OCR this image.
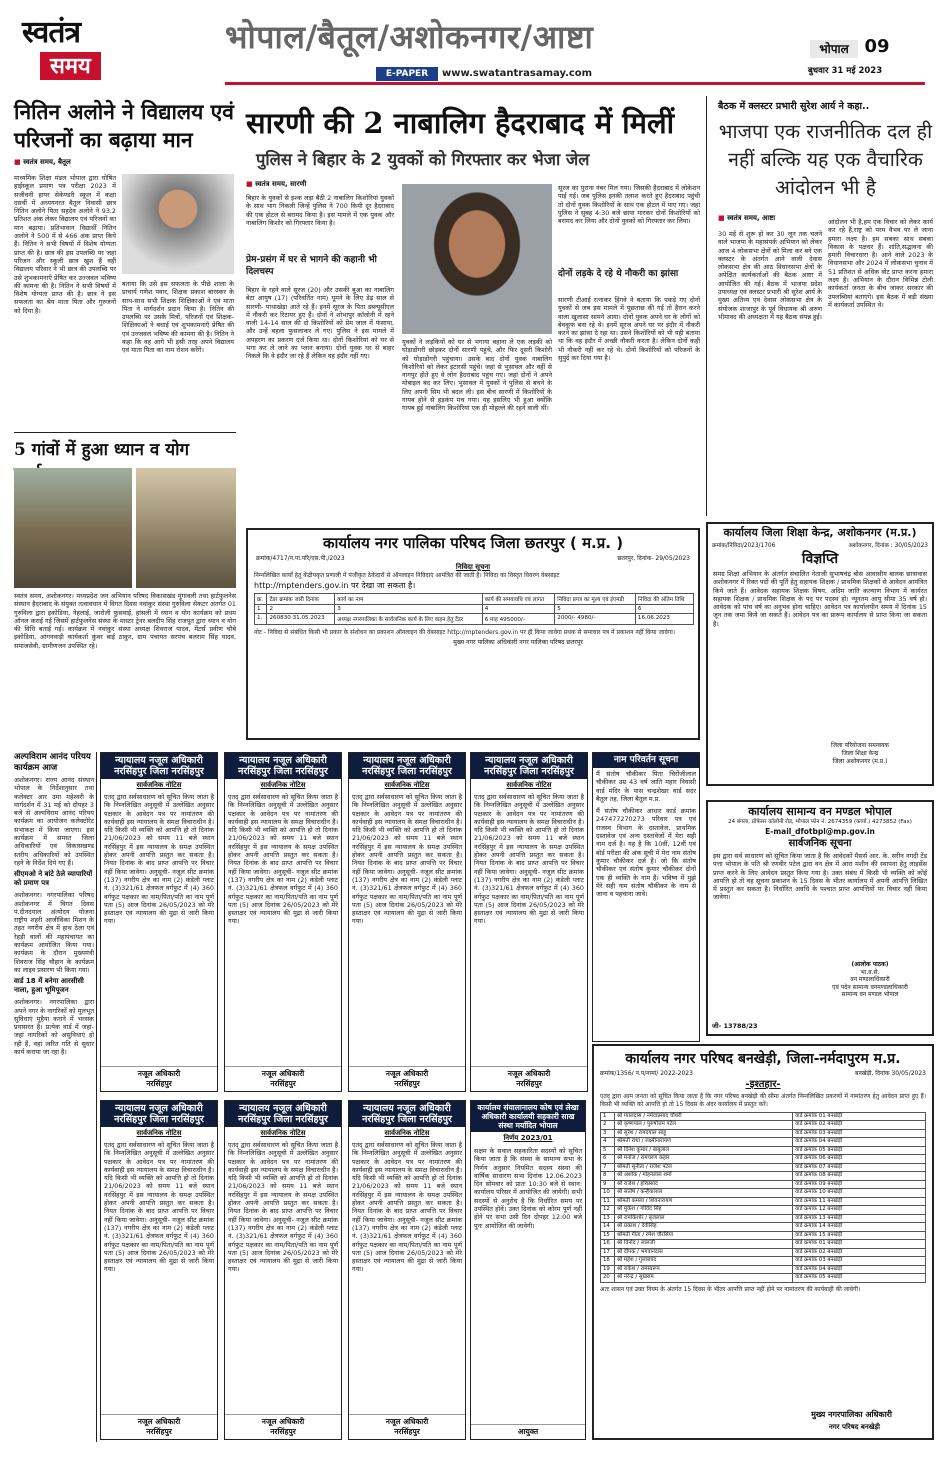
स्वतंत्र
समय
भोपाल/बैतूल/अशोकनगर/आष्टा
E-PAPER	www.swatantrasamay.com
भोपाल 09
बुधवार 31 मई 2023
नितिन अलोने ने विद्यालय एवं परिजनों का बढ़ाया मान
■ स्वतंत्र समय, बैतूल
माध्यमिक शिक्षा मंडल भोपाल द्वारा घोषित हाईस्कूल प्रमाण पत्र परीक्षा 2023 में सजीवनी हायर सेकेण्डरी स्कूल में कक्षा दसवीं में अध्ययनरत बैतूल निवासी छात्र नितिन अलोने पिता सहदेव अलोने ने 93.2 प्रतिशत अंक लेकर विद्यालय एवं परिजनों का मान बढ़ाया। प्रतिभावान विद्यार्थी नितिन अलोने ने 500 में से 466 अंक प्राप्त किये हैं। नितिन ने सभी विषयों में विशेष योग्यता प्राप्त की है। छात्र की इस उपलब्धि पर जहां परिजन और स्कूली छात्र खुश हैं वहीं विद्यालय परिवार ने भी छात्र की उपलब्धि पर उसे शुभकामनाएँ प्रेषित कर उज्जवल भविष्य की कामना की है। नितिन ने सभी विषयों में विशेष योग्यता प्राप्त की है। छात्र ने इस सफलता का श्रेय माता पिता और गुरुजनों को दिया है।
बताया कि उसे इस सफलता के पीछे शाला के प्राचार्य गणेश पवार, शिक्षक प्रकाश बारस्कर के साथ-साथ सभी शिक्षक शिक्षिकाओं ने एवं माता पिता ने मार्गदर्शन प्रदान किया है। नितिन की उपलब्धि पर उसके मित्रों, परिजनों एवं शिक्षक-शिक्षिकाओं ने बधाई एवं शुभकामनाएँ प्रेषित की एवं उज्जवल भविष्य की कामना की है। नितिन ने कहा कि वह आगे भी इसी तरह अपने विद्यालय एवं माता पिता का नाम रोशन करेंगे।
5 गांवों में हुआ ध्यान व योग
स्वतंत्र समय, अशोकनगर। मध्यप्रदेश जन अभियान परिषद विकासखंड मुंगावली तथा हार्टफुलनेस संस्थान हैदराबाद के संयुक्त तत्वावधान में विगत दिवस नवांकुर संस्था गुरुविला सेकटर अंतर्गत 01 गुरुविला द्वारा इकोडिया, नेहलाई, जारोली फुसवाई, हांसली में ध्यान व योग कार्यक्रम को प्रथम ऑनल कराई गई जिसमें हार्टफुलनेस संस्था के मास्टर ट्रेनर बलदीप सिंह राजपूत द्वारा ध्यान व योग की विधि बताई गई। कार्यक्रम में नवांकुर संस्था अध्यक्ष शिवराज यादव, मेंटर्स प्रवीण चौबे इकोडिया, आंगनवाड़ी कार्यकर्ता कुंवर बाई ठाकुर, ग्राम पंचायत सरपंच बलराम सिंह यादव, समाजसेवी, ग्रामीणजन उपस्थित रहे।
सारणी की 2 नाबालिग हैदराबाद में मिलीं
पुलिस ने बिहार के 2 युवकों को गिरफ्तार कर भेजा जेल
■ स्वतंत्र समय, सारणी
बिहार के युवकों से इश्क लड़ा बैठी 2 नाबालिग किशोरियां युवकों के साथ भाग निकली जिन्हें पुलिस ने 700 किमी दूर हैदराबाद की एक होटल से बरामद किया है। इस मामले में एक युवक और नाबालिग किशोर को गिरफ्तार किया है।
प्रेम-प्रसंग में घर से भागने की कहानी भी दिलचस्प
बिहार के रहने वाले सूरज (20) और उसकी बुआ का नाबालिग बेटा आयुष (17) (परिवर्तित नाम) घूमने के लिए डेढ़ साल से सारणी- पाथाखेड़ा आते रहे हैं। इनमें सूरज के पिता डब्ल्यूसीएल में नौकरी कर रिटायर हुए हैं। दोनों ने शोभापुर कॉलोनी में रहने वाली 14-14 साल की दो किशोरियों को प्रेम जाल में फंसाया, और उन्हें बहला फुसलाकर ले गए। पुलिस ने इस मामले में अपहरण का प्रकरण दर्ज किया था। दोनों किशोरियां को घर से भगा कर ले जाने का प्लान बनाया। दोनों युवक घर से बाहर निकले कि वे इंदौर जा रहे हैं लेकिन वह इंदौर नहीं गए।
युवकों ने लड़कियों को घर से भगाया बहाना ले एक लड़की को घोड़ाडोंगरी छोड़कर दोनों सारणी पहुंचे, और फिर दूसरी किशोरी को घोड़ाडोंगरी पहुंचाया। उसके बाद दोनों युवक नाबालिग किशोरियों को लेकर इटारसी पहुंचे। जहां से भुसावल और वहीं से नागपुर होते हुए वे लोग हैदराबाद पहुंच गए। जहां दोनों ने अपने मोबाइल बंद कर लिए। भुसावल में युवकों ने पुलिस से बचने के लिए अपनी सिम भी बदल ली। इस बीच सारणी में किशोरियों के गायब होने से हड़कंप मच गया। यह इसलिए भी हुआ क्योंकि गायब हुई नाबालिग किशोरियां एक ही मोहल्ले की रहने वाली थीं।
सूरज का पुराना नंबर मिल गया। जिसकी हैदराबाद में लोकेशन पाई गई। जब पुलिस इनकी तलाश करते हुए हैदराबाद पहुंची तो दोनों युवक किशोरियों के साथ एक होटल में पाए गए। जहां पुलिस ने सुबह 4:30 बजे छापा मारकर दोनों किशोरियों को बरामद कर लिया और दोनों युवकों को गिरफ्तार कर लिया।
दोनों लड़के दे रहे थे नौकरी का झांसा
सारणी टीआई रत्नाकर हिंगवे ने बताया कि पकड़े गए दोनों युवकों से जब इस मामले में पूछताछ की गई तो हैरान करने वाला खुलासा सामने आया। दोनों युवक अपने घर के लोगों को बेवकूफ बना रहे थे। इनमें सूरज अपने घर पर इंदौर में नौकरी करने का झांसा दे रहा था। उसने किशोरियों को भी यही बताया था कि वह इंदौर में अच्छी नौकरी करता है। लेकिन दोनों कहीं भी नौकरी नहीं कर रहे थे। दोनों किशोरियों को परिजनों के सुपुर्द कर दिया गया है।
बैठक में क्लस्टर प्रभारी सुरेश आर्य ने कहा..
भाजपा एक राजनीतिक दल ही नहीं बल्कि यह एक वैचारिक आंदोलन भी है
■ स्वतंत्र समय, आष्टा
30 मई से शुरू हो कर 30 जून तक चलने वाले भाजपा के महासंपर्क अभियान को लेकर आज 4 लोकसभा क्षेत्रों को मिला कर बने एक क्लस्टर के अंतर्गत आने वाली देवास लोकसभा क्षेत्र की आठ विधानसभा क्षेत्रों के अपेक्षित कार्यकर्ताओं की बैठक आष्टा में आयोजित की गई। बैठक में भाजपा प्रदेश उपाध्यक्ष एवं क्लस्टर प्रभारी श्री सुरेश आर्य के मुख्य अतिथ्य एवं देवास लोकसभा क्षेत्र के संयोजक शाजापुर के पूर्व विधायक श्री अरुण भीमावद की अध्यक्षता में यह बैठक संपन्न हुई।
आंदोलन भी है,हम एक विचार को लेकर कार्य कर रहे हैं,राष्ट्र को परम वैभव पर ले जाना हमारा लक्ष्य है। हम सबका साथ सबका विकास के पक्षधर हैं। शांति,सद्भावना की हमारी विचारधारा है। आने वाले 2023 के विधानसभा और 2024 में लोकसभा चुनाव में 51 प्रतिशत से अधिक वोट प्राप्त करना हमारा लक्ष्य है। अभियान के दौरान विभिन्न टोली कार्यकर्ता जनता के बीच जाकर सरकार की उपलब्धियां बताएंगे। इस बैठक में बड़ी संख्या में कार्यकर्ता उपस्थित थे।
कार्यालय नगर पालिका परिषद जिला छतरपुर ( म.प्र. )
क्रमांक/4717/न.पा.परि/एस.पी./2023	छतरपुर, दिनांक- 29/05/2023
निविदा सूचना
निम्नलिखित कार्यों हेतु केंद्रीयकृत प्रणाली में पंजीकृत ठेकेदारों से ऑनलाइन निविदाएं आमंत्रित की जाती है। निविदा का विस्तृत विवरण वेबसाइट
http://mptenders.gov.in पर देखा जा सकता है।
क्र.	टेंडर क्रमांक जारी दिनांक	कार्य का नाम	कार्य की समयावधि एवं लागत	निविदा प्रपत्र का मूल्य एवं इंएमडी	निविदा की अंतिम तिथि
1	2	3	4	5	6
1.	260830 31.05.2023	अध्यक्ष नगरपालिका के सार्वजनिक कार्य के लिए वाहन हेतु टेंडर	6 माह 495000/-	2000/- 4980/-	16.06.2023
नोट - निविदा से संबंधित किसी भी प्रकार के संशोधन का प्रकाशन ऑनलाइन की वेबसाइट http://mptenders.gov.in पर ही किया जावेगा प्रथक से समाचार पत्र में प्रकाशन नहीं किया जावेगा।
मुख्य नगर पालिका अधिकारी नगर पालिका परिषद छतरपुर
कार्यालय जिला शिक्षा केन्द्र, अशोकनगर (म.प्र.)
क्रमांक/निविदा/2023/1706	अशोकनगर, दिनांक : 30/05/2023
विज्ञप्ति
समग्र शिक्षा अभियान के अंतर्गत संचालित नेताजी सुभाषचंद्र बोस आवासीय बालक छात्रावास अशोकनगर में रिक्त पदों की पूर्ति हेतु सहायक शिक्षक / प्राथमिक शिक्षकों से आवेदन आमंत्रित किये जाते हैं। आवेदक सहायक शिक्षक विषय, अदिम जाति कल्याण विभाग में कार्यरत सहायक शिक्षक / प्राथमिक शिक्षक के पद पर पदस्थ हो। न्यूनतम आयु सीमा 35 वर्ष हो। आवेदक को पांच वर्ष का अनुभव होना चाहिए। आवेदन पत्र कार्यालयीन समय में दिनांक 15 जून तक जमा किये जा सकते हैं। आवेदन पत्र का प्रारूप कार्यालय से प्राप्त किया जा सकता है।
जिला परियोजना समन्वयक
जिला शिक्षा केन्द्र
जिला अशोकनगर (म.प्र.)
कार्यालय सामान्य वन मण्डल भोपाल
24 बंगला, प्रोफेसर कॉलोनी रोड, भोपाल फोन नं. 2674359 (कार्या.) 4273852 (Fax)
E-mail_dfotbpl@mp.gov.in
सार्वजनिक सूचना
इस द्वारा सर्व साधारण को सूचित किया जाता है कि आवेदकों मैसर्स आर. के. सरीन नगदी टेंड पत्ता भोपाल के पति श्री रणवीर पटेल द्वारा वन क्षेत्र में आरा मशीन की स्थापना हेतु लाइसेंस प्राप्त करने के लिए आवेदन प्रस्तुत किया गया है। उक्त संबंध में किसी भी व्यक्ति को कोई आपत्ति हो तो वह सूचना प्रकाशन के 15 दिवस के भीतर कार्यालय में अपनी आपत्ति लिखित में प्रस्तुत कर सकता है। निर्धारित अवधि के पश्चात प्राप्त आपत्तियों पर विचार नहीं किया जावेगा।
(आलोक पाठक)
भा.व.से.
वन मण्डलाधिकारी
एवं पदेन सामान्य वनमण्डलाधिकारी
सामान्य वन मण्डल भोपाल
जी- 13788/23
नाम परिवर्तन सूचना
मैं संतोष चौकीकर पिता चिरोंजीलाल चौकीकर उम्र 43 वर्ष जाति महार निवासी वार्ड मंदिर के पास चन्द्रशेखर वार्ड सदर बैतूल तह. जिला बैतूल म.प्र.
मैं संतोष चौकीकर आधार कार्ड क्रमांक 247477270273 परिवार पत्र एवं राजस्व विभाग के दस्तावेज, प्राथमिक दस्तावेज एवं अन्य दस्तावेजों में मेरा सही नाम दर्ज है। यह है कि 10वीं, 12वीं एवं बोर्ड परीक्षा की अंक सूची में मेरा नाम संतोष कुमार चौकीकर दर्ज है। जो कि संतोष चौकीकर एवं संतोष कुमार चौकीकर दोनों एक ही व्यक्ति के नाम हैं। भविष्य में मुझे मेरे सही नाम संतोष चौकीकर के नाम से जाना व पहचाना जावे।
कार्यालय नगर परिषद बनखेड़ी, जिला-नर्मदापुरम म.प्र.
क्रमांक/1356/ न.प/नामां/ 2022-2023	बनखेड़ी, दिनांक 30/05/2023
-इश्तहार-
एतद् द्वारा आम जनता को सूचित किया जाता है कि नगर परिषद बनखेड़ी की सीमा अंतर्गत निम्नलिखित प्रकरणों में नामांतरण हेतु आवेदन प्राप्त हुए हैं। किसी भी व्यक्ति को आपत्ति हो तो 15 दिवस के अंदर कार्यालय में प्रस्तुत करें।
1	श्री ग्यालदास / नर्मदाप्रसाद चौधरी	वार्ड क्रमांक 01 बनखेड़ी
2	श्री कृष्णपाल / पुरुषोत्तम पटेल	वार्ड क्रमांक 02 बनखेड़ी
3	श्री सुरेश / रामदयाल साहू	वार्ड क्रमांक 03 बनखेड़ी
4	श्रीमती राधा / लक्ष्मीनारायण	वार्ड क्रमांक 04 बनखेड़ी
5	श्री दिनेश कुमार / बाबूलाल	वार्ड क्रमांक 05 बनखेड़ी
6	श्री मनोज / रामचरण कहार	वार्ड क्रमांक 06 बनखेड़ी
7	श्रीमती सुनीता / राजेश पटेल	वार्ड क्रमांक 07 बनखेड़ी
8	श्री अशोक / मोहनलाल शर्मा	वार्ड क्रमांक 08 बनखेड़ी
9	श्री राजेश / हरिप्रसाद	वार्ड क्रमांक 09 बनखेड़ी
10	श्री संतोष / कन्हैयालाल	वार्ड क्रमांक 10 बनखेड़ी
11	श्रीमती कमला / शिवनारायण	वार्ड क्रमांक 11 बनखेड़ी
12	श्री मुकेश / गोविंद सिंह	वार्ड क्रमांक 12 बनखेड़ी
13	श्री रामकिशोर / बृजलाल	वार्ड क्रमांक 13 बनखेड़ी
14	श्री प्रकाश / देवीसिंह	वार्ड क्रमांक 14 बनखेड़ी
15	श्रीमती गीता / रमेश चौरसिया	वार्ड क्रमांक 15 बनखेड़ी
16	श्री विनोद / लालजी	वार्ड क्रमांक 01 बनखेड़ी
17	श्री दीपक / भगवानदास	वार्ड क्रमांक 02 बनखेड़ी
18	श्री महेश / गुलाबचंद	वार्ड क्रमांक 03 बनखेड़ी
19	श्री राकेश / रामस्वरूप	वार्ड क्रमांक 04 बनखेड़ी
20	श्री नरेन्द्र / सुखराम	वार्ड क्रमांक 05 बनखेड़ी
अतः शासन एवं उक्त नियम के अंतर्गत 15 दिवस के भीतर आपत्ति प्राप्त नहीं होने पर नामांतरण की कार्यवाही की जावेगी।
मुख्य नगरपालिका अधिकारी
नगर परिषद बनखेड़ी
अल्पविराम आनंद परियय कार्यक्रम आज
अशोकनगर। राज्य आनंद संस्थान भोपाल के निर्देशानुसार तथा कलेक्टर आर उमा महेश्वरी के मार्गदर्शन में 31 मई को दोपहर 3 बजे से अल्पविराम आनंद परियय कार्यक्रम का आयोजन कलेक्टोरेट सभाकक्ष में किया जाएगा। इस कार्यक्रम में समस्त जिला अधिकारियों एवं विकासखण्ड स्तरीय अधिकारियों को उपस्थित रहने के निर्देश दिये गए हैं।
सीएमओ ने बांटे ठेले व्यापारियों को प्रमाण पत्र
अशोकनगर। नगरपालिका परिषद अशोकनगर में विगत दिवस पं.दीनदयाल अंत्योदय योजना राष्ट्रीय शहरी आजीविका मिशन के तहत नगरीय क्षेत्र में हाथ ठेला एवं रेहड़ी वालों की महापंचायत का कार्यक्रम आयोजित किया गया। कार्यक्रम के दौरान मुख्यमंत्री शिवराज सिंह चौहान के कार्यक्रम का लाइव प्रसारण भी किया गया।
वार्ड 18 में बनेगा आरसीसी नाला, हुआ भूमिपूजन
अशोकनगर। नगरपालिका द्वारा अपने नगर के नागरिकों को मूलभूत सुविधाएं मुहैया कराने में भरसक प्रयासरत है। प्रत्येक वार्ड में जहां-जहां नागरिकों को असुविधाएं हो रही हैं, वहां त्वरित गति से सुधार कार्य कराया जा रहा है।
न्यायालय नजूल अधिकारी नरसिंहपुर जिला नरसिंहपुर
सार्वजनिक नोटिस
एतद् द्वारा सर्वसाधारण को सूचित किया जाता है कि निम्नलिखित अनुसूची में उल्लेखित अनुसार पक्षकार के आवेदन पत्र पर नामांतरण की कार्यवाही इस न्यायालय के समक्ष विचाराधीन है। यदि किसी भी व्यक्ति को आपत्ति हो तो दिनांक 21/06/2023 को समय 11 बजे स्थान नरसिंहपुर में इस न्यायालय के समक्ष उपस्थित होकर अपनी आपत्ति प्रस्तुत कर सकता है। नियत दिनांक के बाद प्राप्त आपत्ति पर विचार नहीं किया जावेगा। अनुसूची- नजूल सीट क्रमांक (137) नगरीय क्षेत्र का नाम (2) कंडेली प्लाट नं. (3)321/61 क्षेत्रफल वर्गफुट में (4) 360 वर्गफुट पक्षकार का नाम/पिता/पति का नाम पूर्ण पता (5) आज दिनांक 26/05/2023 को मेरे हस्ताक्षर एवं न्यायालय की मुद्रा से जारी किया गया।
नजूल अधिकारी
नरसिंहपुर
न्यायालय नजूल अधिकारी नरसिंहपुर जिला नरसिंहपुर
सार्वजनिक नोटिस
एतद् द्वारा सर्वसाधारण को सूचित किया जाता है कि निम्नलिखित अनुसूची में उल्लेखित अनुसार पक्षकार के आवेदन पत्र पर नामांतरण की कार्यवाही इस न्यायालय के समक्ष विचाराधीन है। यदि किसी भी व्यक्ति को आपत्ति हो तो दिनांक 21/06/2023 को समय 11 बजे स्थान नरसिंहपुर में इस न्यायालय के समक्ष उपस्थित होकर अपनी आपत्ति प्रस्तुत कर सकता है। नियत दिनांक के बाद प्राप्त आपत्ति पर विचार नहीं किया जावेगा। अनुसूची- नजूल सीट क्रमांक (137) नगरीय क्षेत्र का नाम (2) कंडेली प्लाट नं. (3)321/61 क्षेत्रफल वर्गफुट में (4) 360 वर्गफुट पक्षकार का नाम/पिता/पति का नाम पूर्ण पता (5) आज दिनांक 26/05/2023 को मेरे हस्ताक्षर एवं न्यायालय की मुद्रा से जारी किया गया।
नजूल अधिकारी
नरसिंहपुर
न्यायालय नजूल अधिकारी नरसिंहपुर जिला नरसिंहपुर
सार्वजनिक नोटिस
एतद् द्वारा सर्वसाधारण को सूचित किया जाता है कि निम्नलिखित अनुसूची में उल्लेखित अनुसार पक्षकार के आवेदन पत्र पर नामांतरण की कार्यवाही इस न्यायालय के समक्ष विचाराधीन है। यदि किसी भी व्यक्ति को आपत्ति हो तो दिनांक 21/06/2023 को समय 11 बजे स्थान नरसिंहपुर में इस न्यायालय के समक्ष उपस्थित होकर अपनी आपत्ति प्रस्तुत कर सकता है। नियत दिनांक के बाद प्राप्त आपत्ति पर विचार नहीं किया जावेगा। अनुसूची- नजूल सीट क्रमांक (137) नगरीय क्षेत्र का नाम (2) कंडेली प्लाट नं. (3)321/61 क्षेत्रफल वर्गफुट में (4) 360 वर्गफुट पक्षकार का नाम/पिता/पति का नाम पूर्ण पता (5) आज दिनांक 26/05/2023 को मेरे हस्ताक्षर एवं न्यायालय की मुद्रा से जारी किया गया।
नजूल अधिकारी
नरसिंहपुर
न्यायालय नजूल अधिकारी नरसिंहपुर जिला नरसिंहपुर
सार्वजनिक नोटिस
एतद् द्वारा सर्वसाधारण को सूचित किया जाता है कि निम्नलिखित अनुसूची में उल्लेखित अनुसार पक्षकार के आवेदन पत्र पर नामांतरण की कार्यवाही इस न्यायालय के समक्ष विचाराधीन है। यदि किसी भी व्यक्ति को आपत्ति हो तो दिनांक 21/06/2023 को समय 11 बजे स्थान नरसिंहपुर में इस न्यायालय के समक्ष उपस्थित होकर अपनी आपत्ति प्रस्तुत कर सकता है। नियत दिनांक के बाद प्राप्त आपत्ति पर विचार नहीं किया जावेगा। अनुसूची- नजूल सीट क्रमांक (137) नगरीय क्षेत्र का नाम (2) कंडेली प्लाट नं. (3)321/61 क्षेत्रफल वर्गफुट में (4) 360 वर्गफुट पक्षकार का नाम/पिता/पति का नाम पूर्ण पता (5) आज दिनांक 26/05/2023 को मेरे हस्ताक्षर एवं न्यायालय की मुद्रा से जारी किया गया।
नजूल अधिकारी
नरसिंहपुर
न्यायालय नजूल अधिकारी नरसिंहपुर जिला नरसिंहपुर
सार्वजनिक नोटिस
एतद् द्वारा सर्वसाधारण को सूचित किया जाता है कि निम्नलिखित अनुसूची में उल्लेखित अनुसार पक्षकार के आवेदन पत्र पर नामांतरण की कार्यवाही इस न्यायालय के समक्ष विचाराधीन है। यदि किसी भी व्यक्ति को आपत्ति हो तो दिनांक 21/06/2023 को समय 11 बजे स्थान नरसिंहपुर में इस न्यायालय के समक्ष उपस्थित होकर अपनी आपत्ति प्रस्तुत कर सकता है। नियत दिनांक के बाद प्राप्त आपत्ति पर विचार नहीं किया जावेगा। अनुसूची- नजूल सीट क्रमांक (137) नगरीय क्षेत्र का नाम (2) कंडेली प्लाट नं. (3)321/61 क्षेत्रफल वर्गफुट में (4) 360 वर्गफुट पक्षकार का नाम/पिता/पति का नाम पूर्ण पता (5) आज दिनांक 26/05/2023 को मेरे हस्ताक्षर एवं न्यायालय की मुद्रा से जारी किया गया।
नजूल अधिकारी
नरसिंहपुर
न्यायालय नजूल अधिकारी नरसिंहपुर जिला नरसिंहपुर
सार्वजनिक नोटिस
एतद् द्वारा सर्वसाधारण को सूचित किया जाता है कि निम्नलिखित अनुसूची में उल्लेखित अनुसार पक्षकार के आवेदन पत्र पर नामांतरण की कार्यवाही इस न्यायालय के समक्ष विचाराधीन है। यदि किसी भी व्यक्ति को आपत्ति हो तो दिनांक 21/06/2023 को समय 11 बजे स्थान नरसिंहपुर में इस न्यायालय के समक्ष उपस्थित होकर अपनी आपत्ति प्रस्तुत कर सकता है। नियत दिनांक के बाद प्राप्त आपत्ति पर विचार नहीं किया जावेगा। अनुसूची- नजूल सीट क्रमांक (137) नगरीय क्षेत्र का नाम (2) कंडेली प्लाट नं. (3)321/61 क्षेत्रफल वर्गफुट में (4) 360 वर्गफुट पक्षकार का नाम/पिता/पति का नाम पूर्ण पता (5) आज दिनांक 26/05/2023 को मेरे हस्ताक्षर एवं न्यायालय की मुद्रा से जारी किया गया।
नजूल अधिकारी
नरसिंहपुर
न्यायालय नजूल अधिकारी नरसिंहपुर जिला नरसिंहपुर
सार्वजनिक नोटिस
एतद् द्वारा सर्वसाधारण को सूचित किया जाता है कि निम्नलिखित अनुसूची में उल्लेखित अनुसार पक्षकार के आवेदन पत्र पर नामांतरण की कार्यवाही इस न्यायालय के समक्ष विचाराधीन है। यदि किसी भी व्यक्ति को आपत्ति हो तो दिनांक 21/06/2023 को समय 11 बजे स्थान नरसिंहपुर में इस न्यायालय के समक्ष उपस्थित होकर अपनी आपत्ति प्रस्तुत कर सकता है। नियत दिनांक के बाद प्राप्त आपत्ति पर विचार नहीं किया जावेगा। अनुसूची- नजूल सीट क्रमांक (137) नगरीय क्षेत्र का नाम (2) कंडेली प्लाट नं. (3)321/61 क्षेत्रफल वर्गफुट में (4) 360 वर्गफुट पक्षकार का नाम/पिता/पति का नाम पूर्ण पता (5) आज दिनांक 26/05/2023 को मेरे हस्ताक्षर एवं न्यायालय की मुद्रा से जारी किया गया।
नजूल अधिकारी
नरसिंहपुर
कार्यालय संयालानालय कोष एवं लेखा अधिकारी कार्यालयी सहकारी साख संस्था मर्यादित भोपाल
निर्णय 2023/01
सक्षम के सवाल सहकारिता सदस्यों को सूचित किया जाता है कि संस्था के सामान्य सभा के निर्णय अनुसार नियमित सदस्य संस्था की वार्षिक साधारण सभा दिनांक 12.06.2023 दिन सोमवार को प्रातः 10:30 बजे से स्थान: कार्यालय परिसर में आयोजित की जायेगी। सभी सदस्यों से अनुरोध है कि निर्धारित समय पर उपस्थित होवें। उक्त दिनांक को कोरम पूर्ण नहीं होने पर सभा उसी दिन दोपहर 12:00 बजे पुनः आयोजित की जावेगी।
आयुक्त
